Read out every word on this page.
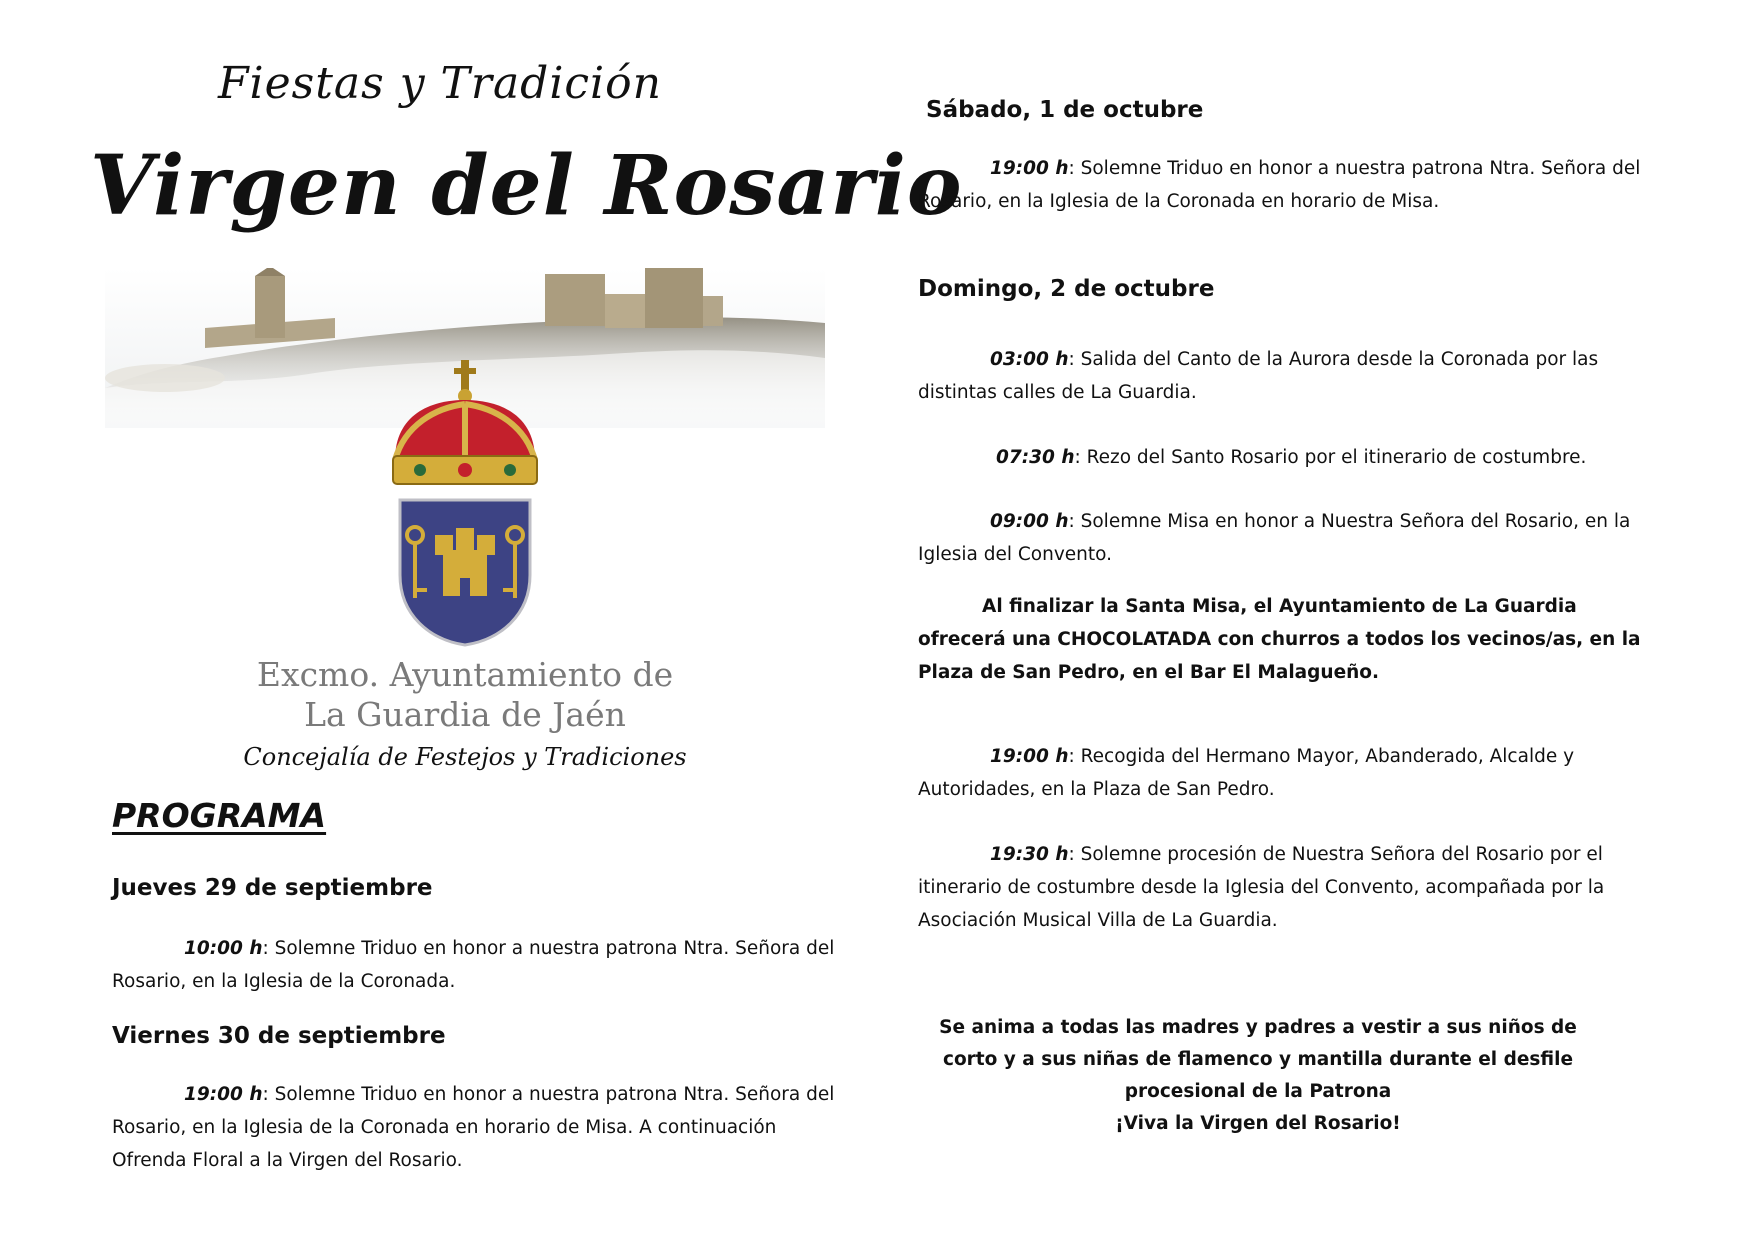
Fiestas y Tradición
Virgen del Rosario
Excmo. Ayuntamiento de
La Guardia de Jaén
Concejalía de Festejos y Tradiciones
PROGRAMA
Jueves 29 de septiembre
10:00 h: Solemne Triduo en honor a nuestra patrona Ntra. Señora del Rosario, en la Iglesia de la Coronada.
Viernes 30 de septiembre
19:00 h: Solemne Triduo en honor a nuestra patrona Ntra. Señora del Rosario, en la Iglesia de la Coronada en horario de Misa. A continuación Ofrenda Floral a la Virgen del Rosario.
Sábado, 1 de octubre
19:00 h: Solemne Triduo en honor a nuestra patrona Ntra. Señora del Rosario, en la Iglesia de la Coronada en horario de Misa.
Domingo, 2 de octubre
03:00 h: Salida del Canto de la Aurora desde la Coronada por las distintas calles de La Guardia.
07:30 h: Rezo del Santo Rosario por el itinerario de costumbre.
09:00 h: Solemne Misa en honor a Nuestra Señora del Rosario, en la Iglesia del Convento.
Al finalizar la Santa Misa, el Ayuntamiento de La Guardia ofrecerá una CHOCOLATADA con churros a todos los vecinos/as, en la Plaza de San Pedro, en el Bar El Malagueño.
19:00 h: Recogida del Hermano Mayor, Abanderado, Alcalde y Autoridades, en la Plaza de San Pedro.
19:30 h: Solemne procesión de Nuestra Señora del Rosario por el itinerario de costumbre desde la Iglesia del Convento, acompañada por la Asociación Musical Villa de La Guardia.
Se anima a todas las madres y padres a vestir a sus niños de corto y a sus niñas de flamenco y mantilla durante el desfile procesional de la Patrona
¡Viva la Virgen del Rosario!
